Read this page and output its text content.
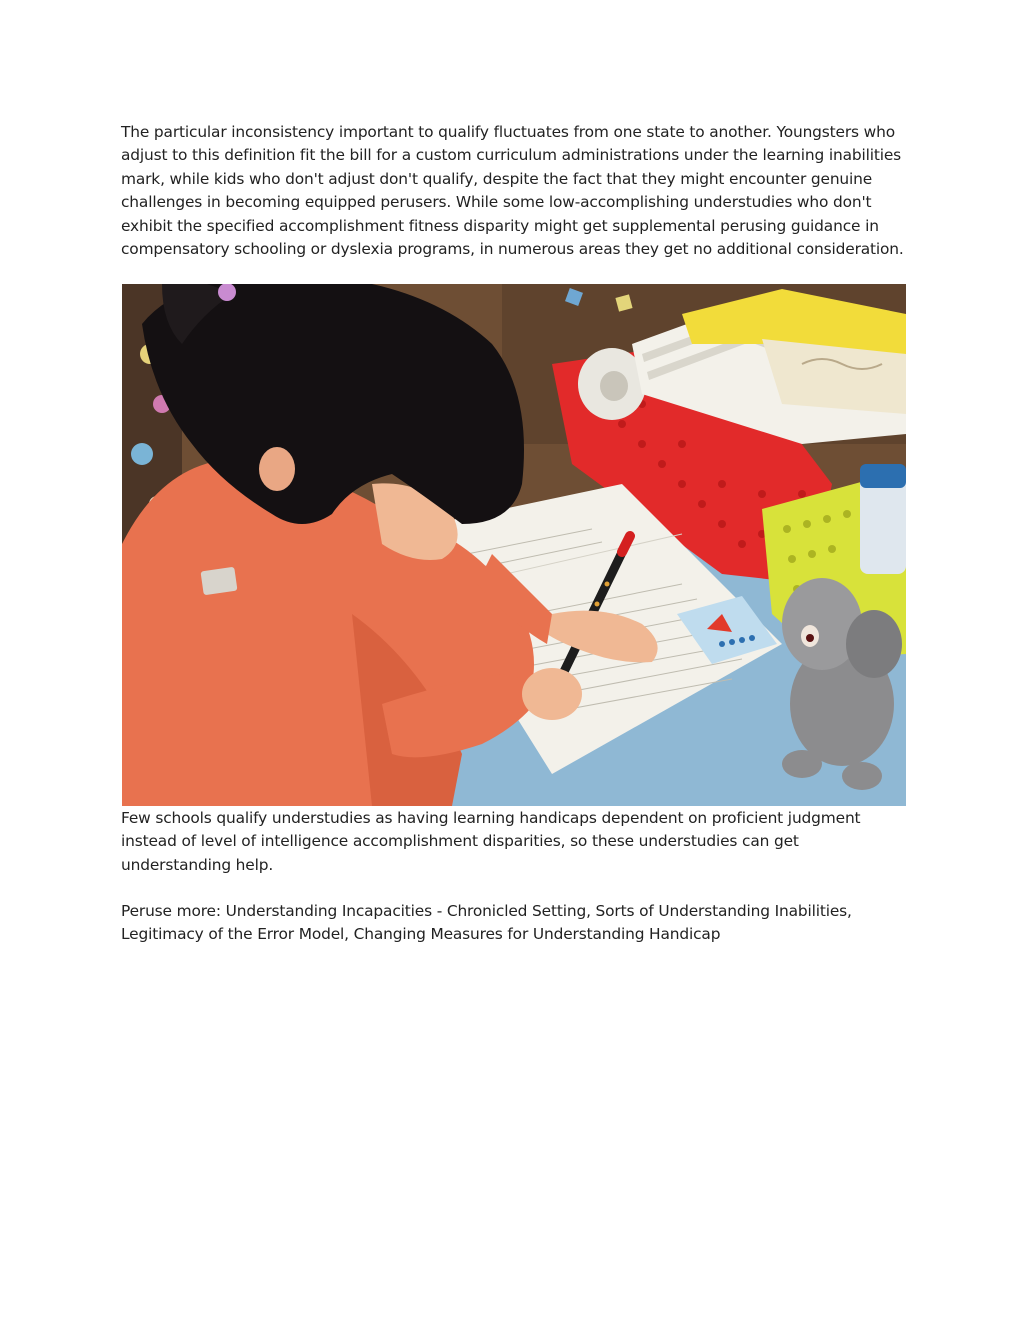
The particular inconsistency important to qualify fluctuates from one state to another. Youngsters who adjust to this definition fit the bill for a custom curriculum administrations under the learning inabilities mark, while kids who don't adjust don't qualify, despite the fact that they might encounter genuine challenges in becoming equipped perusers. While some low-accomplishing understudies who don't exhibit the specified accomplishment fitness disparity might get supplemental perusing guidance in compensatory schooling or dyslexia programs, in numerous areas they get no additional consideration.

Few schools qualify understudies as having learning handicaps dependent on proficient judgment instead of level of intelligence accomplishment disparities, so these understudies can get understanding help.

Peruse more: Understanding Incapacities - Chronicled Setting, Sorts of Understanding Inabilities, Legitimacy of the Error Model, Changing Measures for Understanding Handicap
